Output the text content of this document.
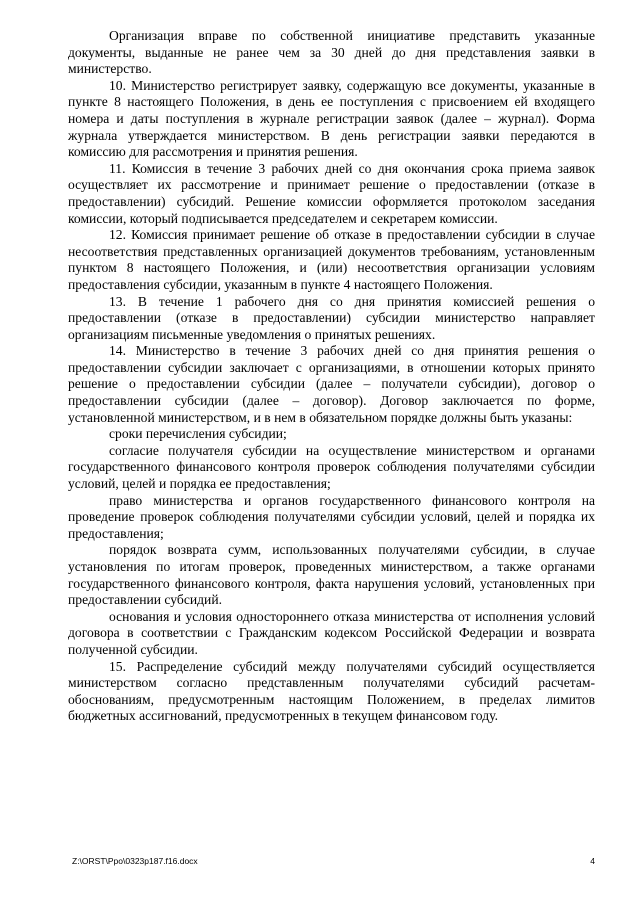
Организация вправе по собственной инициативе представить указанные документы, выданные не ранее чем за 30 дней до дня представления заявки в министерство.

10. Министерство регистрирует заявку, содержащую все документы, указанные в пункте 8 настоящего Положения, в день ее поступления с присвоением ей входящего номера и даты поступления в журнале регистрации заявок (далее – журнал). Форма журнала утверждается министерством. В день регистрации заявки передаются в комиссию для рассмотрения и принятия решения.

11. Комиссия в течение 3 рабочих дней со дня окончания срока приема заявок осуществляет их рассмотрение и принимает решение о предоставлении (отказе в предоставлении) субсидий. Решение комиссии оформляется протоколом заседания комиссии, который подписывается председателем и секретарем комиссии.

12. Комиссия принимает решение об отказе в предоставлении субсидии в случае несоответствия представленных организацией документов требованиям, установленным пунктом 8 настоящего Положения, и (или) несоответствия организации условиям предоставления субсидии, указанным в пункте 4 настоящего Положения.

13. В течение 1 рабочего дня со дня принятия комиссией решения о предоставлении (отказе в предоставлении) субсидии министерство направляет организациям письменные уведомления о принятых решениях.

14. Министерство в течение 3 рабочих дней со дня принятия решения о предоставлении субсидии заключает с организациями, в отношении которых принято решение о предоставлении субсидии (далее – получатели субсидии), договор о предоставлении субсидии (далее – договор). Договор заключается по форме, установленной министерством, и в нем в обязательном порядке должны быть указаны:

сроки перечисления субсидии;

согласие получателя субсидии на осуществление министерством и органами государственного финансового контроля проверок соблюдения получателями субсидии условий, целей и порядка ее предоставления;

право министерства и органов государственного финансового контроля на проведение проверок соблюдения получателями субсидии условий, целей и порядка их предоставления;

порядок возврата сумм, использованных получателями субсидии, в случае установления по итогам проверок, проведенных министерством, а также органами государственного финансового контроля, факта нарушения условий, установленных при предоставлении субсидий.

основания и условия одностороннего отказа министерства от исполнения условий договора в соответствии с Гражданским кодексом Российской Федерации и возврата полученной субсидии.

15. Распределение субсидий между получателями субсидий осуществляется министерством согласно представленным получателями субсидий расчетам-обоснованиям, предусмотренным настоящим Положением, в пределах лимитов бюджетных ассигнований, предусмотренных в текущем финансовом году.

Z:\ORST\Ppo\0323p187.f16.docx	4
